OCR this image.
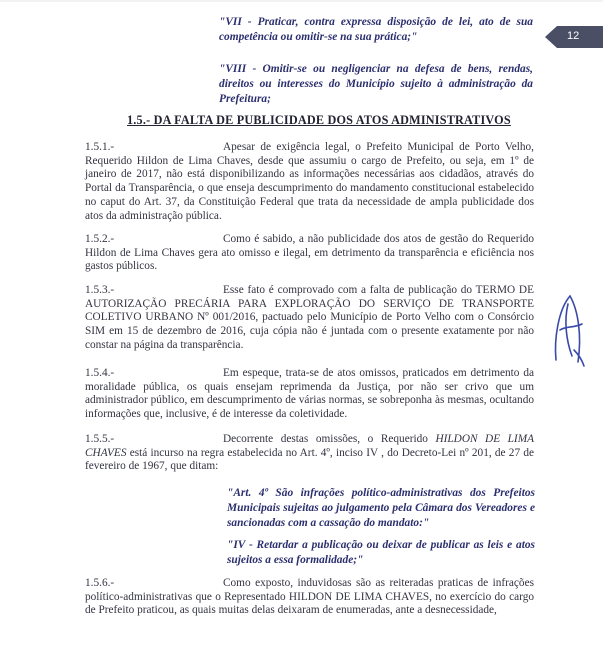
12
"VII - Praticar, contra expressa disposição de lei, ato de sua competência ou omitir-se na sua prática;"
"VIII - Omitir-se ou negligenciar na defesa de bens, rendas, direitos ou interesses do Município sujeito à administração da Prefeitura;
1.5.- DA FALTA DE PUBLICIDADE DOS ATOS ADMINISTRATIVOS
1.5.1.-	Apesar de exigência legal, o Prefeito Municipal de Porto Velho, Requerido Hildon de Lima Chaves, desde que assumiu o cargo de Prefeito, ou seja, em 1º de janeiro de 2017, não está disponibilizando as informações necessárias aos cidadãos, através do Portal da Transparência, o que enseja descumprimento do mandamento constitucional estabelecido no caput do Art. 37, da Constituição Federal que trata da necessidade de ampla publicidade dos atos da administração pública.
1.5.2.-	Como é sabido, a não publicidade dos atos de gestão do Requerido Hildon de Lima Chaves gera ato omisso e ilegal, em detrimento da transparência e eficiência nos gastos públicos.
1.5.3.-	Esse fato é comprovado com a falta de publicação do TERMO DE AUTORIZAÇÃO PRECÁRIA PARA EXPLORAÇÃO DO SERVIÇO DE TRANSPORTE COLETIVO URBANO Nº 001/2016, pactuado pelo Município de Porto Velho com o Consórcio SIM em 15 de dezembro de 2016, cuja cópia não é juntada com o presente exatamente por não constar na página da transparência.
1.5.4.-	Em espeque, trata-se de atos omissos, praticados em detrimento da moralidade pública, os quais ensejam reprimenda da Justiça, por não ser crivo que um administrador público, em descumprimento de várias normas, se sobreponha às mesmas, ocultando informações que, inclusive, é de interesse da coletividade.
1.5.5.-	Decorrente destas omissões, o Requerido HILDON DE LIMA CHAVES está incurso na regra estabelecida no Art. 4º, inciso IV , do Decreto-Lei nº 201, de 27 de fevereiro de 1967, que ditam:
"Art. 4º São infrações político-administrativas dos Prefeitos Municipais sujeitas ao julgamento pela Câmara dos Vereadores e sancionadas com a cassação do mandato:"
"IV - Retardar a publicação ou deixar de publicar as leis e atos sujeitos a essa formalidade;"
1.5.6.-	Como exposto, induvidosas são as reiteradas praticas de infrações político-administrativas que o Representado HILDON DE LIMA CHAVES, no exercício do cargo de Prefeito praticou, as quais muitas delas deixaram de enumeradas, ante a desnecessidade,
